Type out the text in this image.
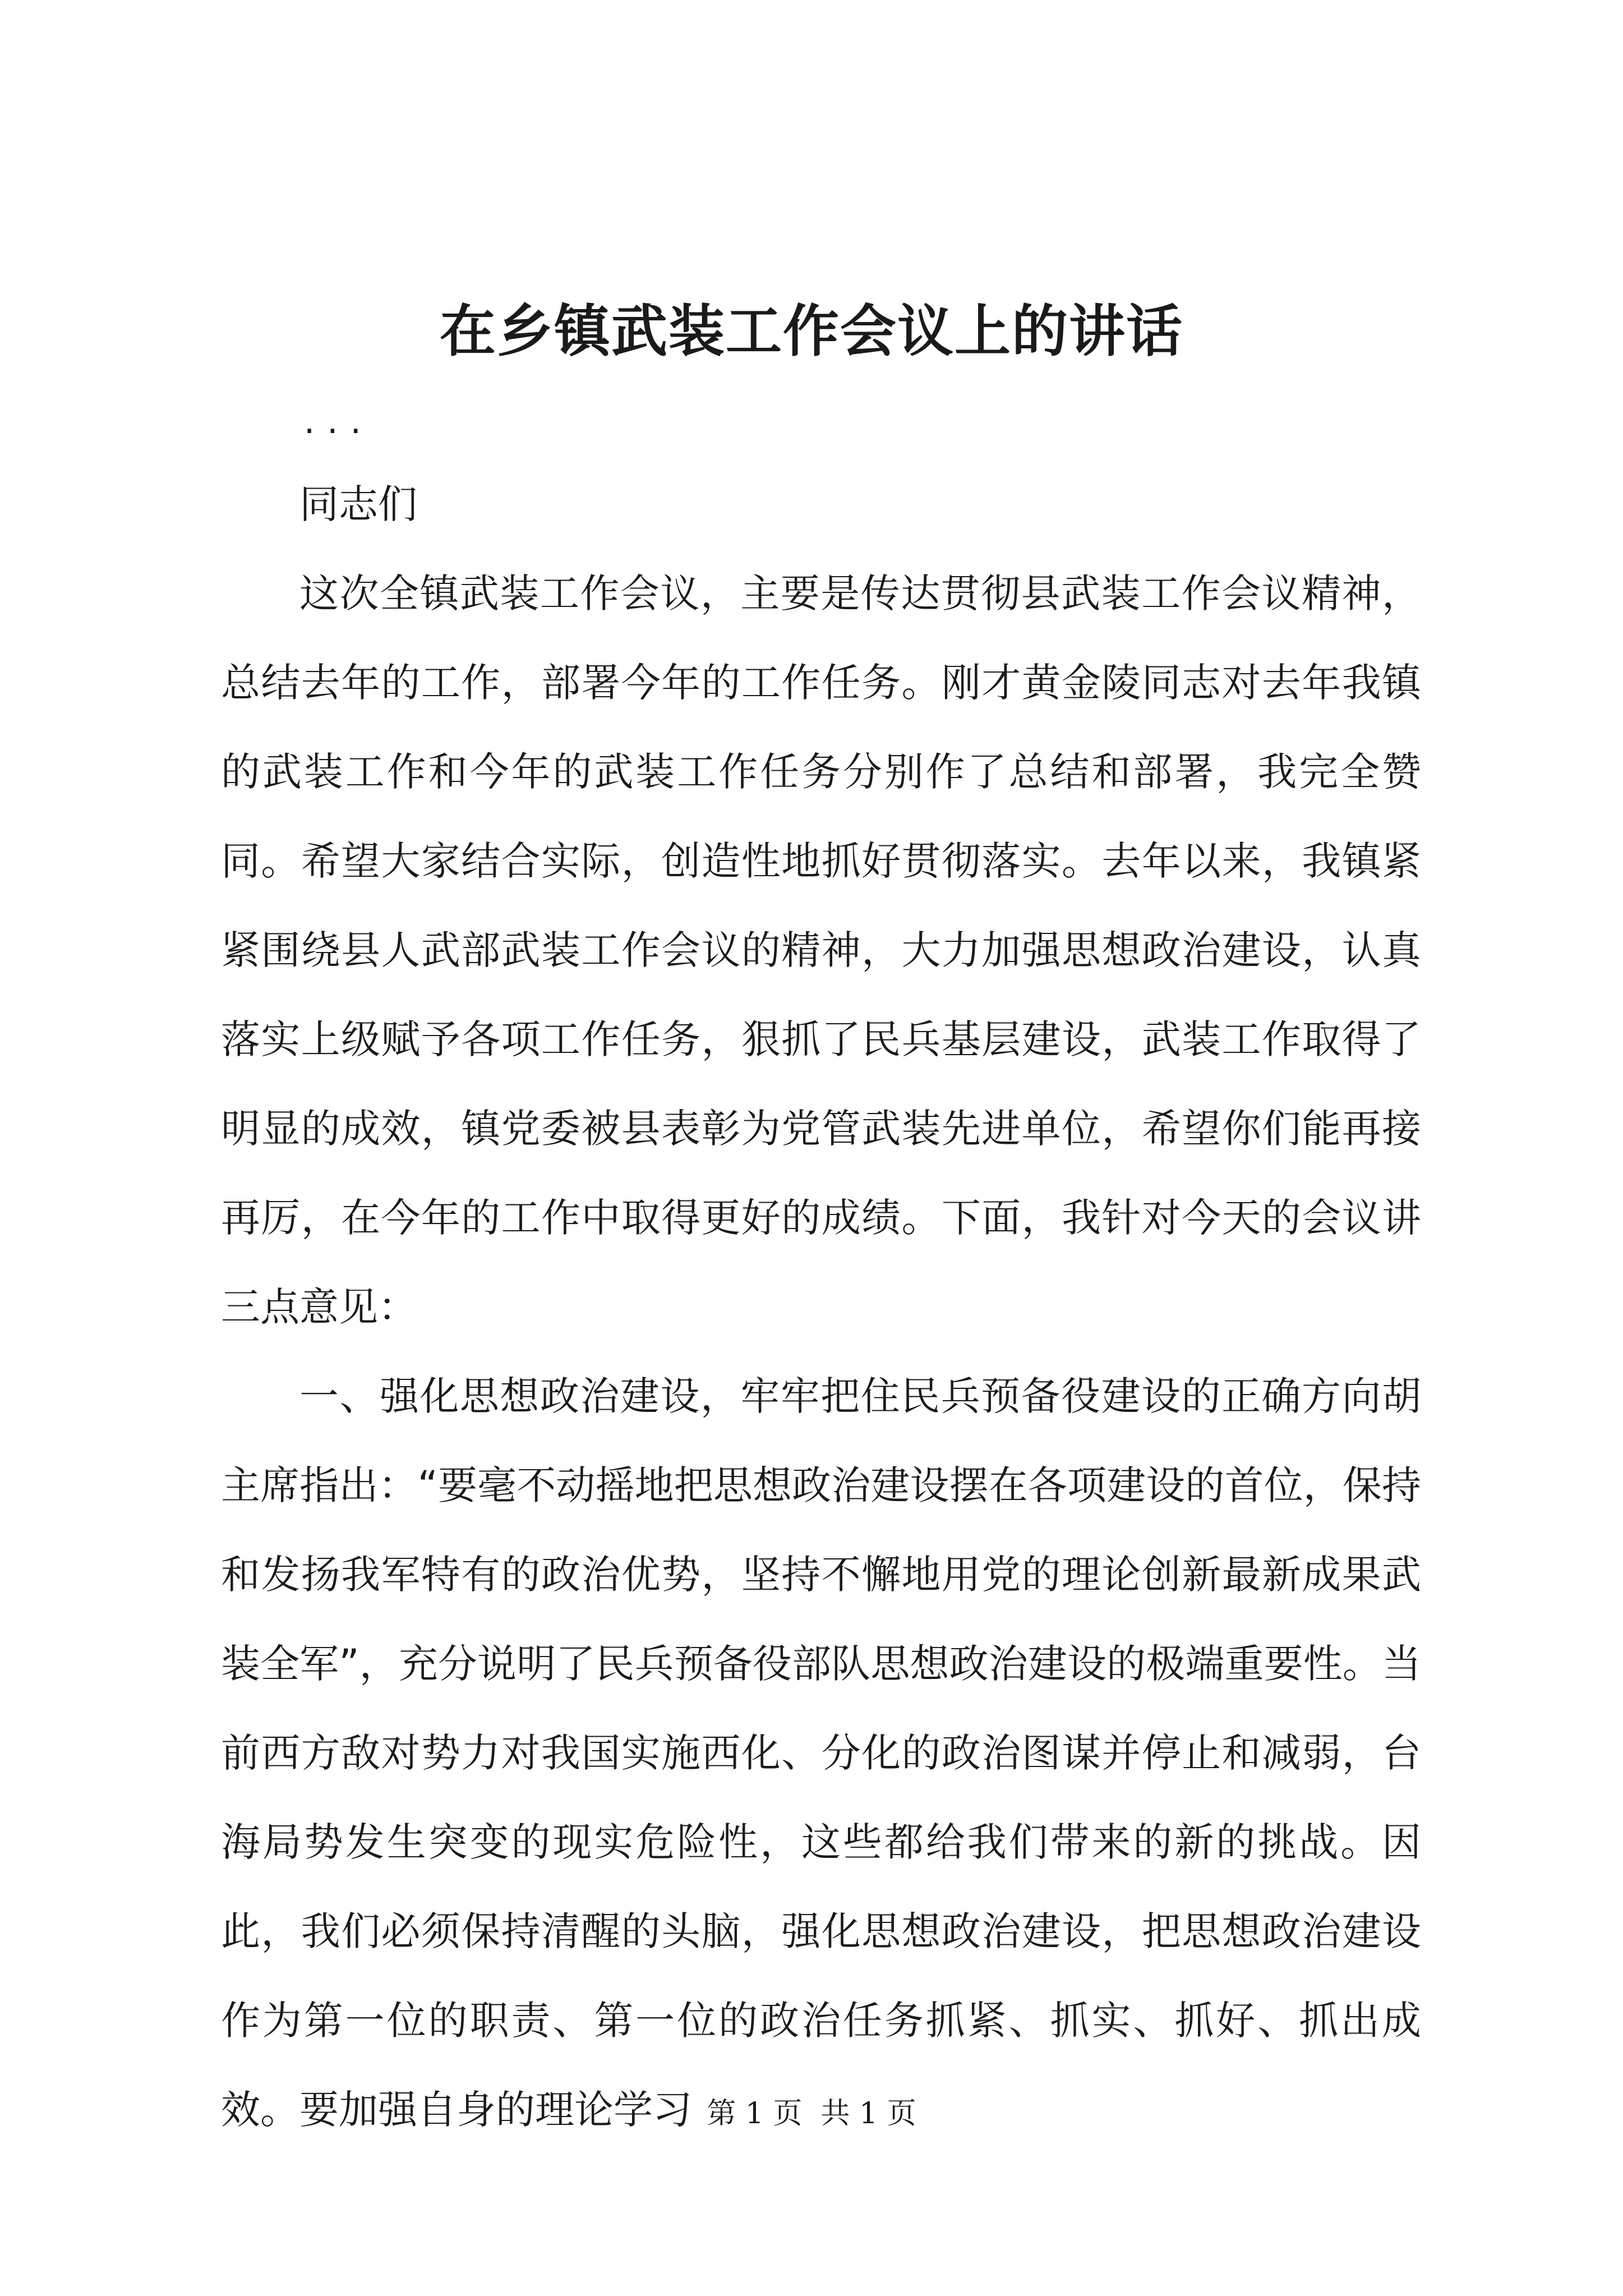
在乡镇武装工作会议上的讲话
...

同志们

这次全镇武装工作会议，主要是传达贯彻县武装工作会议精神，总结去年的工作，部署今年的工作任务。刚才黄金陵同志对去年我镇的武装工作和今年的武装工作任务分别作了总结和部署，我完全赞同。希望大家结合实际，创造性地抓好贯彻落实。去年以来，我镇紧紧围绕县人武部武装工作会议的精神，大力加强思想政治建设，认真落实上级赋予各项工作任务，狠抓了民兵基层建设，武装工作取得了明显的成效，镇党委被县表彰为党管武装先进单位，希望你们能再接再厉，在今年的工作中取得更好的成绩。下面，我针对今天的会议讲三点意见：

一、强化思想政治建设，牢牢把住民兵预备役建设的正确方向胡主席指出：“要毫不动摇地把思想政治建设摆在各项建设的首位，保持和发扬我军特有的政治优势，坚持不懈地用党的理论创新最新成果武装全军”，充分说明了民兵预备役部队思想政治建设的极端重要性。当前西方敌对势力对我国实施西化、分化的政治图谋并停止和减弱，台海局势发生突变的现实危险性，这些都给我们带来的新的挑战。因此，我们必须保持清醒的头脑，强化思想政治建设，把思想政治建设作为第一位的职责、第一位的政治任务抓紧、抓实、抓好、抓出成效。要加强自身的理论学习 第 1 页  共 1 页
